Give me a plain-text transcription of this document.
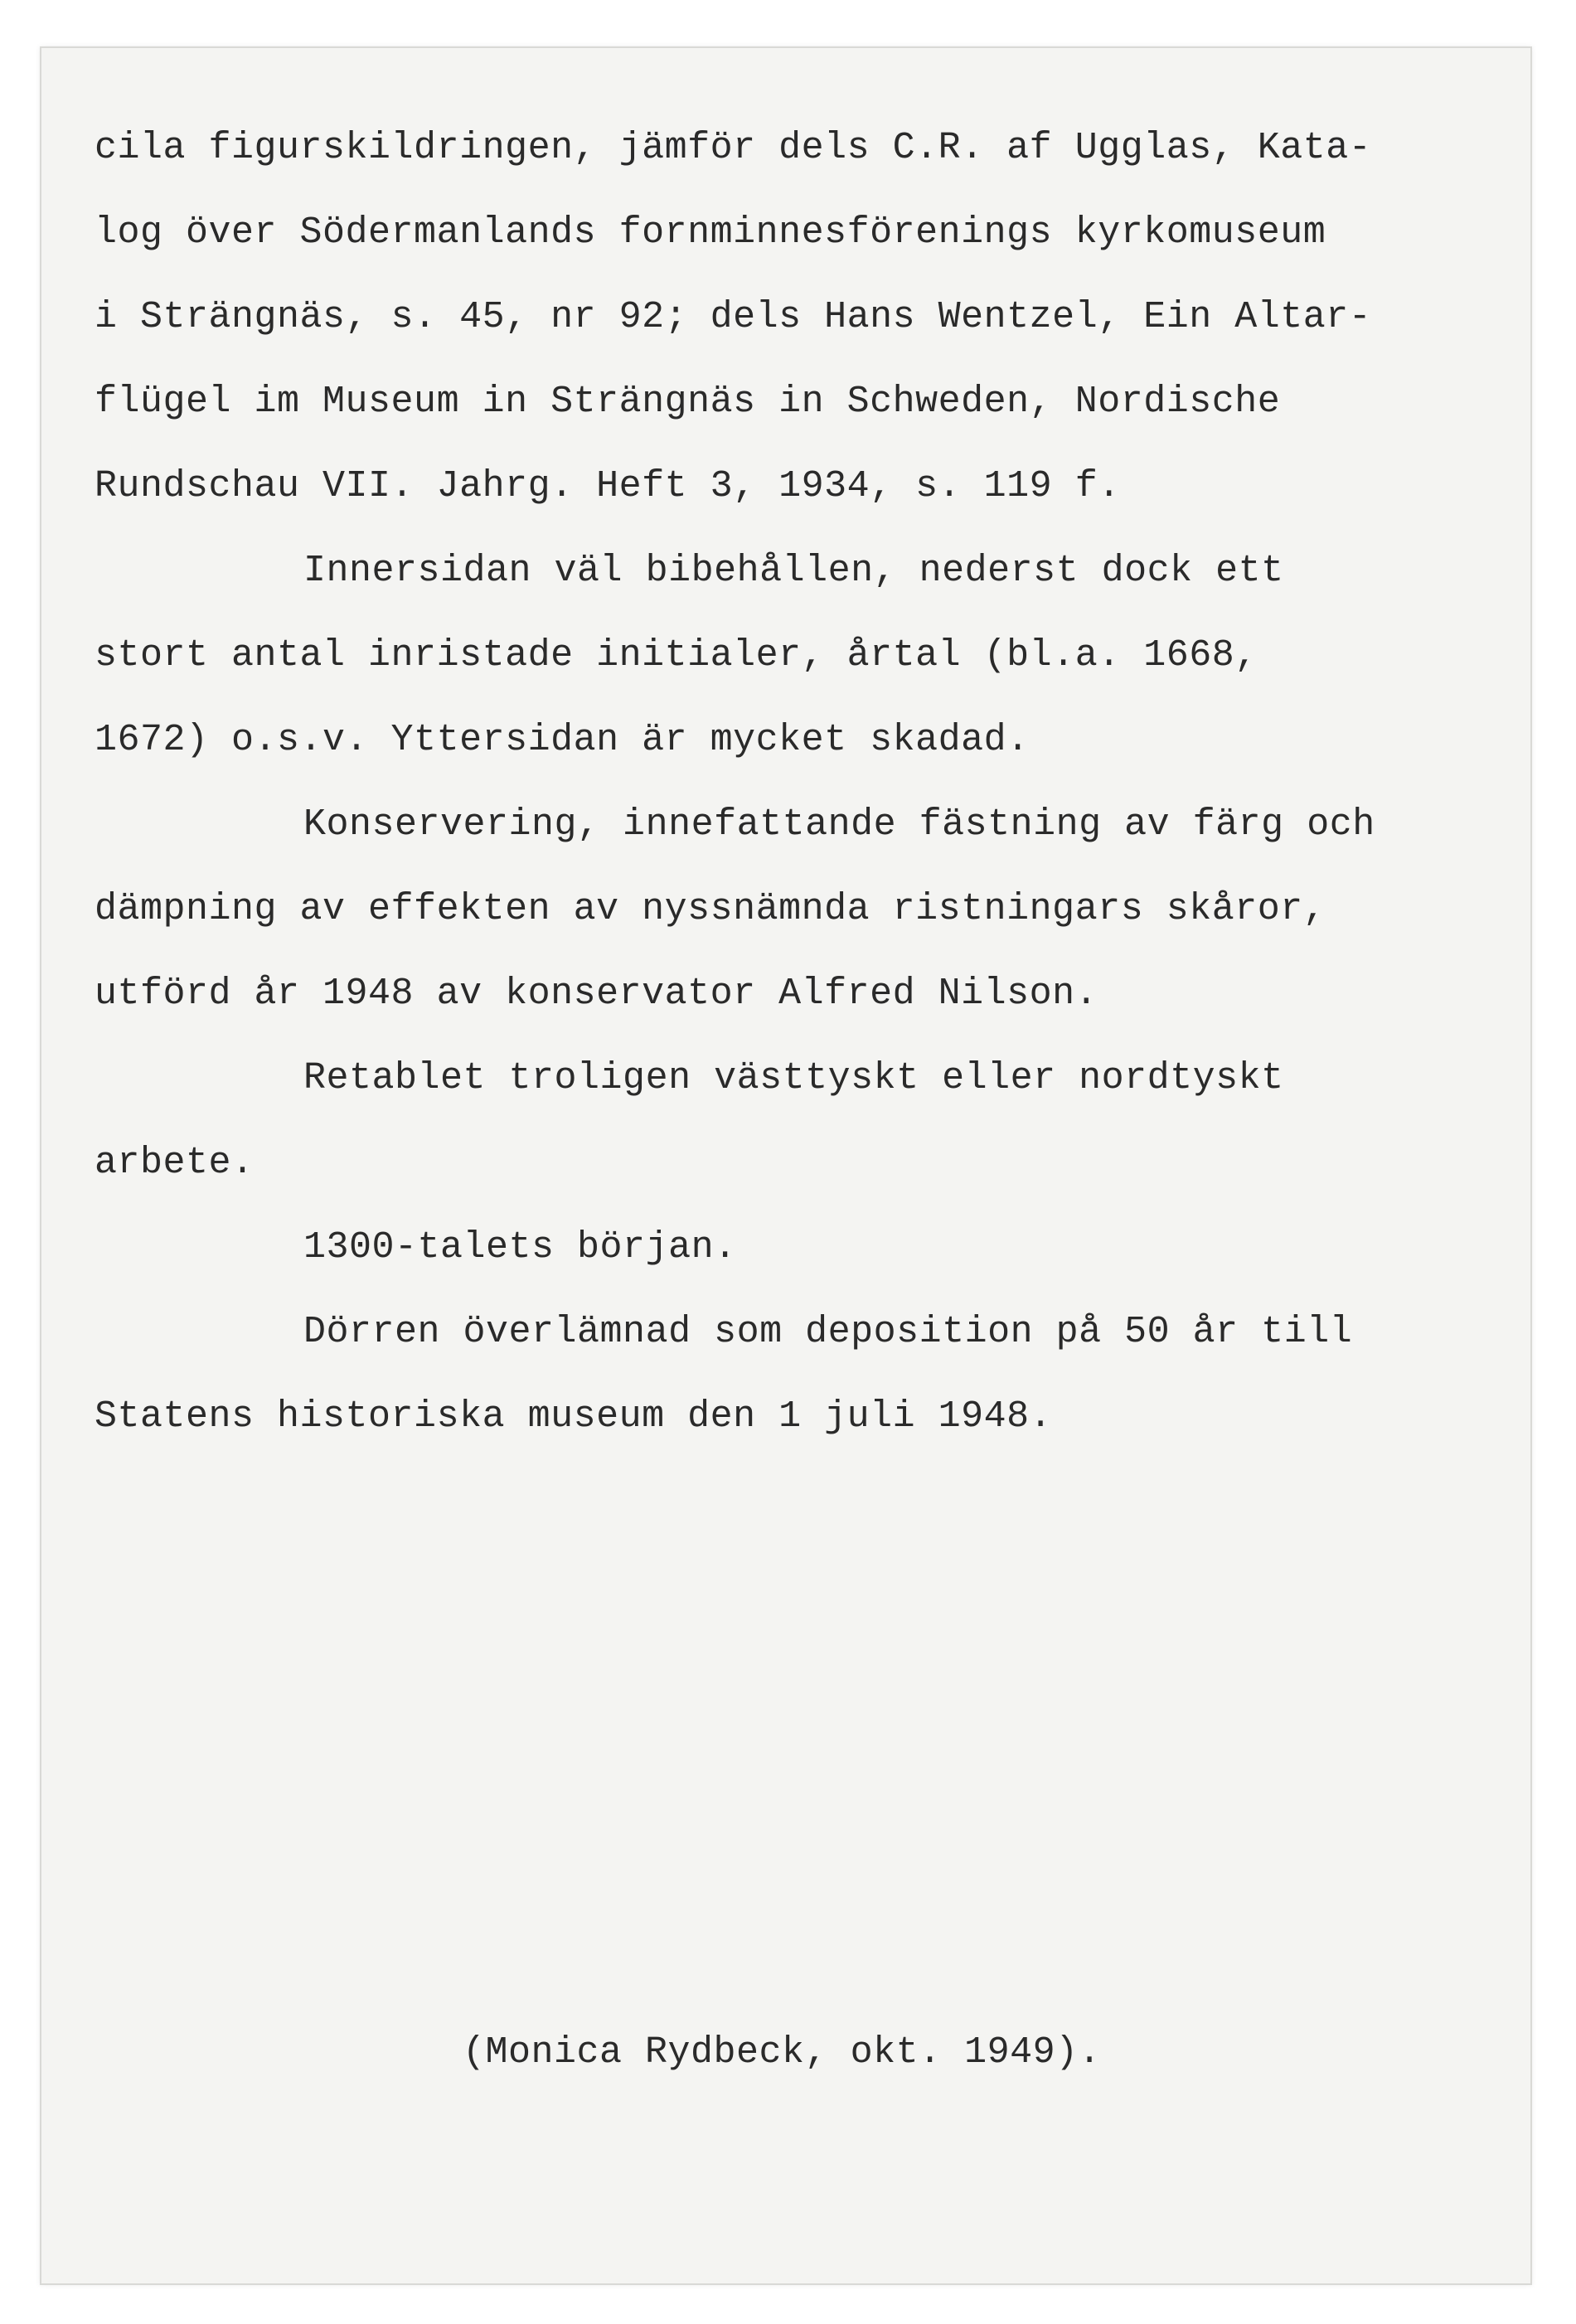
cila figurskildringen, jämför dels C.R. af Ugglas, Kata-
log över Södermanlands fornminnesförenings kyrkomuseum
i Strängnäs, s. 45, nr 92; dels Hans Wentzel, Ein Altar-
flügel im Museum in Strängnäs in Schweden, Nordische
Rundschau VII. Jahrg. Heft 3, 1934, s. 119 f.
Innersidan väl bibehållen, nederst dock ett
stort antal inristade initialer, årtal (bl.a. 1668,
1672) o.s.v. Yttersidan är mycket skadad.
Konservering, innefattande fästning av färg och
dämpning av effekten av nyssnämnda ristningars skåror,
utförd år 1948 av konservator Alfred Nilson.
Retablet troligen västtyskt eller nordtyskt
arbete.
1300-talets början.
Dörren överlämnad som deposition på 50 år till
Statens historiska museum den 1 juli 1948.
(Monica Rydbeck, okt. 1949).
